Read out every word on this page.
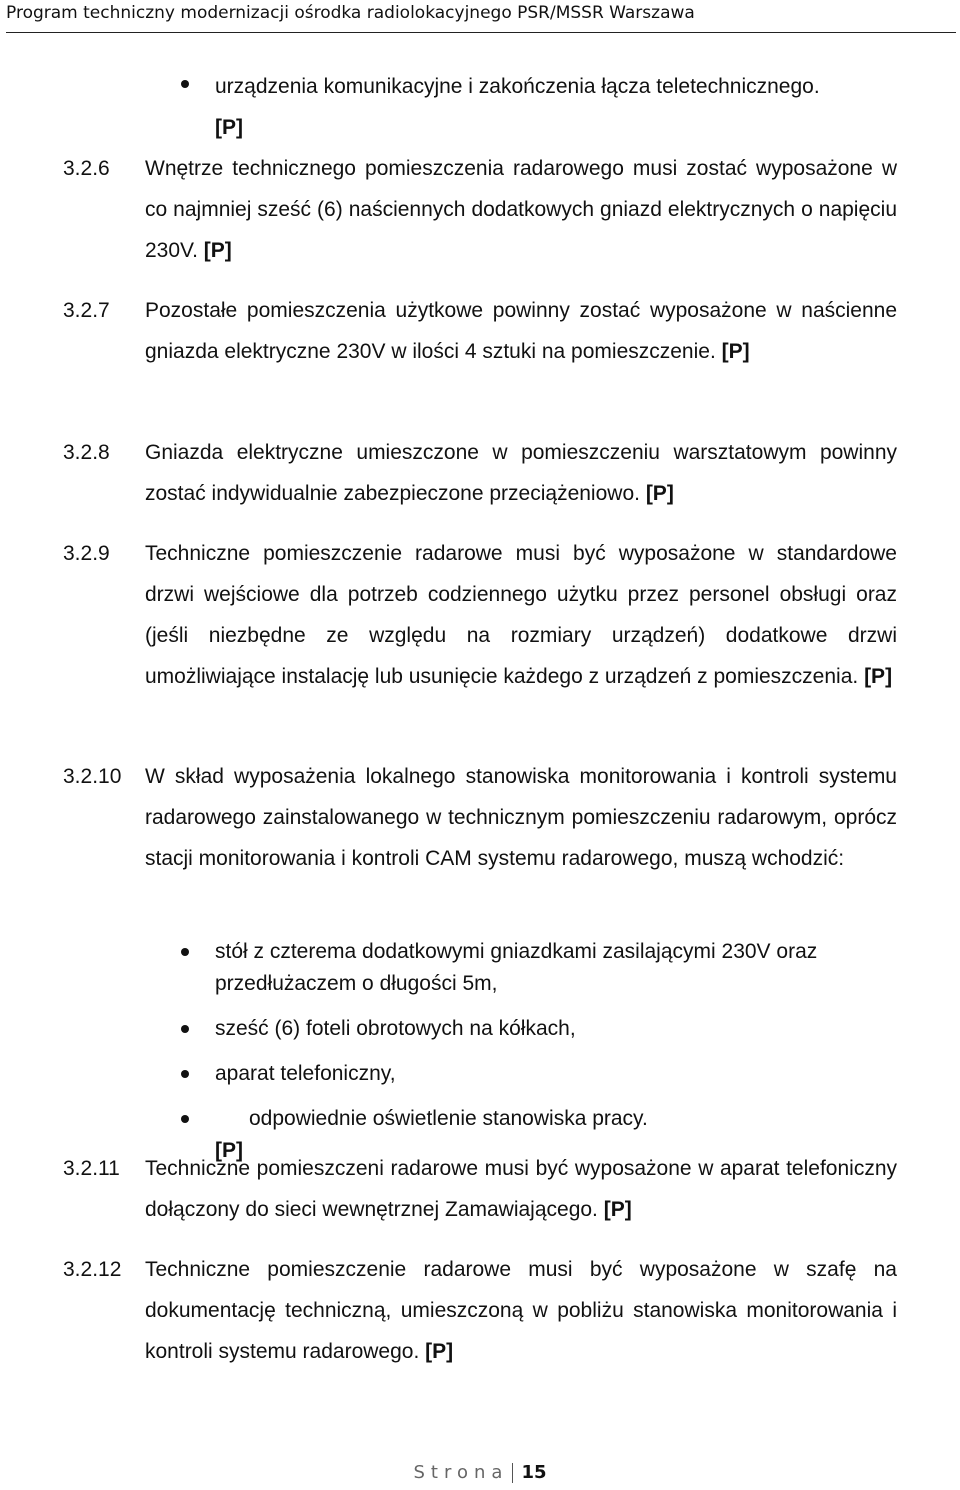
Program techniczny modernizacji ośrodka radiolokacyjnego PSR/MSSR Warszawa
urządzenia komunikacyjne i zakończenia łącza teletechnicznego.
[P]
3.2.6 Wnętrze technicznego pomieszczenia radarowego musi zostać wyposażone w co najmniej sześć (6) naściennych dodatkowych gniazd elektrycznych o napięciu 230V. [P]
3.2.7 Pozostałe pomieszczenia użytkowe powinny zostać wyposażone w naścienne gniazda elektryczne 230V w ilości 4 sztuki na pomieszczenie. [P]
3.2.8 Gniazda elektryczne umieszczone w pomieszczeniu warsztatowym powinny zostać indywidualnie zabezpieczone przeciążeniowo. [P]
3.2.9 Techniczne pomieszczenie radarowe musi być wyposażone w standardowe drzwi wejściowe dla potrzeb codziennego użytku przez personel obsługi oraz (jeśli niezbędne ze względu na rozmiary urządzeń) dodatkowe drzwi umożliwiające instalację lub usunięcie każdego z urządzeń z pomieszczenia. [P]
3.2.10 W skład wyposażenia lokalnego stanowiska monitorowania i kontroli systemu radarowego zainstalowanego w technicznym pomieszczeniu radarowym, oprócz stacji monitorowania i kontroli CAM systemu radarowego, muszą wchodzić:
stół z czterema dodatkowymi gniazdkami zasilającymi 230V oraz przedłużaczem o długości 5m,
sześć (6) foteli obrotowych na kółkach,
aparat telefoniczny,
odpowiednie oświetlenie stanowiska pracy.
[P]
3.2.11 Techniczne pomieszczeni radarowe musi być wyposażone w aparat telefoniczny dołączony do sieci wewnętrznej Zamawiającego. [P]
3.2.12 Techniczne pomieszczenie radarowe musi być wyposażone w szafę na dokumentację techniczną, umieszczoną w pobliżu stanowiska monitorowania i kontroli systemu radarowego. [P]
Strona 15
